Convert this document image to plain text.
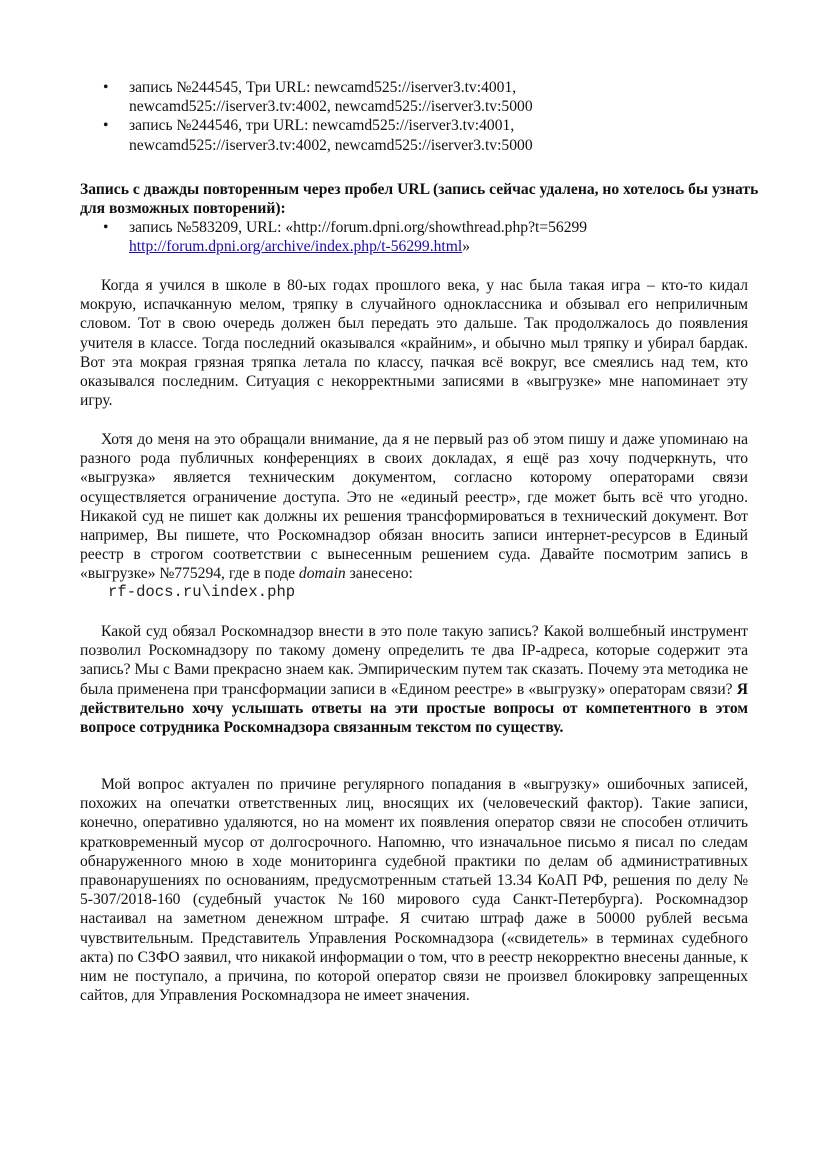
• запись №244545, Три URL: newcamd525://iserver3.tv:4001,
newcamd525://iserver3.tv:4002, newcamd525://iserver3.tv:5000
• запись №244546, три URL: newcamd525://iserver3.tv:4001,
newcamd525://iserver3.tv:4002, newcamd525://iserver3.tv:5000
Запись с дважды повторенным через пробел URL (запись сейчас удалена, но хотелось бы узнать для возможных повторений):
• запись №583209, URL: «http://forum.dpni.org/showthread.php?t=56299
http://forum.dpni.org/archive/index.php/t-56299.html»
Когда я учился в школе в 80-ых годах прошлого века, у нас была такая игра – кто-то кидал мокрую, испачканную мелом, тряпку в случайного одноклассника и обзывал его неприличным словом. Тот в свою очередь должен был передать это дальше. Так продолжалось до появления учителя в классе. Тогда последний оказывался «крайним», и обычно мыл тряпку и убирал бардак. Вот эта мокрая грязная тряпка летала по классу, пачкая всё вокруг, все смеялись над тем, кто оказывался последним. Ситуация с некорректными записями в «выгрузке» мне напоминает эту игру.
Хотя до меня на это обращали внимание, да я не первый раз об этом пишу и даже упоминаю на разного рода публичных конференциях в своих докладах, я ещё раз хочу подчеркнуть, что «выгрузка» является техническим документом, согласно которому операторами связи осуществляется ограничение доступа. Это не «единый реестр», где может быть всё что угодно. Никакой суд не пишет как должны их решения трансформироваться в технический документ. Вот например, Вы пишете, что Роскомнадзор обязан вносить записи интернет-ресурсов в Единый реестр в строгом соответствии с вынесенным решением суда. Давайте посмотрим запись в «выгрузке» №775294, где в поде domain занесено:
rf-docs.ru\index.php
Какой суд обязал Роскомнадзор внести в это поле такую запись? Какой волшебный инструмент позволил Роскомнадзору по такому домену определить те два IP-адреса, которые содержит эта запись? Мы с Вами прекрасно знаем как. Эмпирическим путем так сказать. Почему эта методика не была применена при трансформации записи в «Едином реестре» в «выгрузку» операторам связи? Я действительно хочу услышать ответы на эти простые вопросы от компетентного в этом вопросе сотрудника Роскомнадзора связанным текстом по существу.
Мой вопрос актуален по причине регулярного попадания в «выгрузку» ошибочных записей, похожих на опечатки ответственных лиц, вносящих их (человеческий фактор). Такие записи, конечно, оперативно удаляются, но на момент их появления оператор связи не способен отличить кратковременный мусор от долгосрочного. Напомню, что изначальное письмо я писал по следам обнаруженного мною в ходе мониторинга судебной практики по делам об административных правонарушениях по основаниям, предусмотренным статьей 13.34 КоАП РФ, решения по делу № 5-307/2018-160 (судебный участок №160 мирового суда Санкт-Петербурга). Роскомнадзор настаивал на заметном денежном штрафе. Я считаю штраф даже в 50000 рублей весьма чувствительным. Представитель Управления Роскомнадзора («свидетель» в терминах судебного акта) по СЗФО заявил, что никакой информации о том, что в реестр некорректно внесены данные, к ним не поступало, а причина, по которой оператор связи не произвел блокировку запрещенных сайтов, для Управления Роскомнадзора не имеет значения.
